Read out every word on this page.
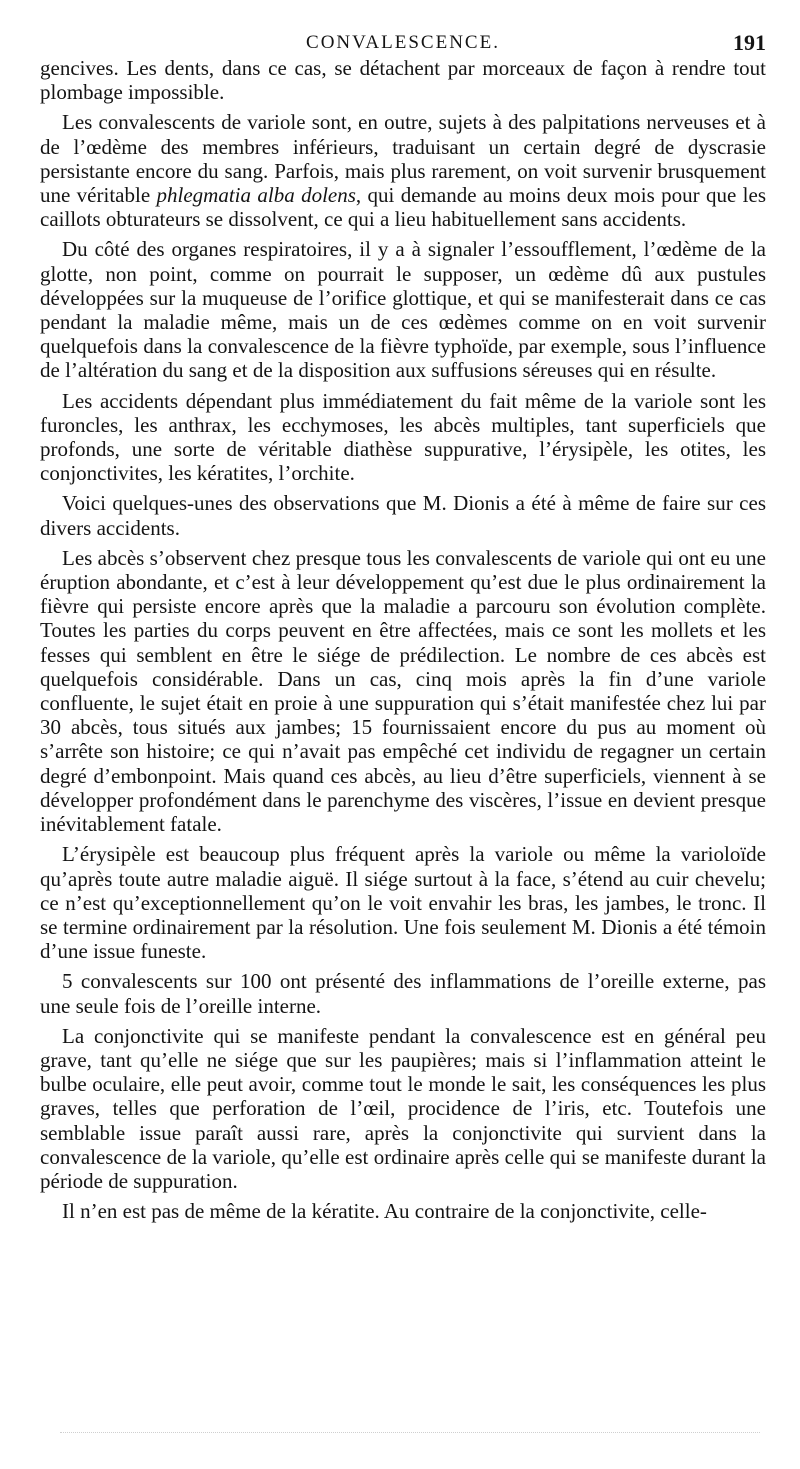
CONVALESCENCE.	191

gencives. Les dents, dans ce cas, se détachent par morceaux de façon à rendre tout plombage impossible.

Les convalescents de variole sont, en outre, sujets à des palpitations nerveuses et à de l’œdème des membres inférieurs, traduisant un certain degré de dyscrasie persistante encore du sang. Parfois, mais plus rarement, on voit survenir brusquement une véritable phlegmatia alba dolens, qui demande au moins deux mois pour que les caillots obturateurs se dissolvent, ce qui a lieu habituellement sans accidents.

Du côté des organes respiratoires, il y a à signaler l’essoufflement, l’œdème de la glotte, non point, comme on pourrait le supposer, un œdème dû aux pustules développées sur la muqueuse de l’orifice glottique, et qui se manifesterait dans ce cas pendant la maladie même, mais un de ces œdèmes comme on en voit survenir quelquefois dans la convalescence de la fièvre typhoïde, par exemple, sous l’influence de l’altération du sang et de la disposition aux suffusions séreuses qui en résulte.

Les accidents dépendant plus immédiatement du fait même de la variole sont les furoncles, les anthrax, les ecchymoses, les abcès multiples, tant superficiels que profonds, une sorte de véritable diathèse suppurative, l’érysipèle, les otites, les conjonctivites, les kératites, l’orchite.

Voici quelques-unes des observations que M. Dionis a été à même de faire sur ces divers accidents.

Les abcès s’observent chez presque tous les convalescents de variole qui ont eu une éruption abondante, et c’est à leur développement qu’est due le plus ordinairement la fièvre qui persiste encore après que la maladie a parcouru son évolution complète. Toutes les parties du corps peuvent en être affectées, mais ce sont les mollets et les fesses qui semblent en être le siége de prédilection. Le nombre de ces abcès est quelquefois considérable. Dans un cas, cinq mois après la fin d’une variole confluente, le sujet était en proie à une suppuration qui s’était manifestée chez lui par 30 abcès, tous situés aux jambes; 15 fournissaient encore du pus au moment où s’arrête son histoire; ce qui n’avait pas empêché cet individu de regagner un certain degré d’embonpoint. Mais quand ces abcès, au lieu d’être superficiels, viennent à se développer profondément dans le parenchyme des viscères, l’issue en devient presque inévitablement fatale.

L’érysipèle est beaucoup plus fréquent après la variole ou même la varioloïde qu’après toute autre maladie aiguë. Il siége surtout à la face, s’étend au cuir chevelu; ce n’est qu’exceptionnellement qu’on le voit envahir les bras, les jambes, le tronc. Il se termine ordinairement par la résolution. Une fois seulement M. Dionis a été témoin d’une issue funeste.

5 convalescents sur 100 ont présenté des inflammations de l’oreille externe, pas une seule fois de l’oreille interne.

La conjonctivite qui se manifeste pendant la convalescence est en général peu grave, tant qu’elle ne siége que sur les paupières; mais si l’inflammation atteint le bulbe oculaire, elle peut avoir, comme tout le monde le sait, les conséquences les plus graves, telles que perforation de l’œil, procidence de l’iris, etc. Toutefois une semblable issue paraît aussi rare, après la conjonctivite qui survient dans la convalescence de la variole, qu’elle est ordinaire après celle qui se manifeste durant la période de suppuration.

Il n’en est pas de même de la kératite. Au contraire de la conjonctivite, celle-
